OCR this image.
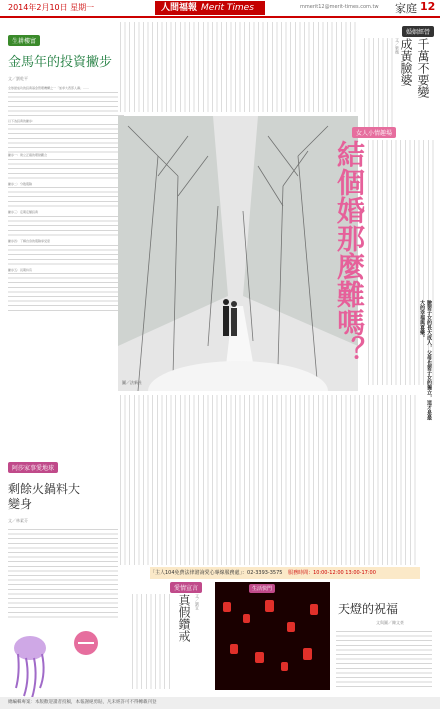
2014年2月10日 星期一	人間福報 Merit Times	mmerit12@merit-times.com.tw 家庭 12
生耕樓富
金馬年的投資撇步
文／劉乾平
全球最成功的投資基金管理機構之一「加拿大西部人壽」……
以下為投資的撇步：
撇步一：建立正確的理財觀念
撇步二：分散風險
撇步三：定期定額投資
撇步四：了解自身的風險承受度
撇步五：長期持有
婚姻經營
千萬不要變成黃臉婆
文／紫薇
圖／法新社
女人小情趣場
結個婚那麼難嗎？	臉要子女的長大成人，父母也要子女的獨立，這才是最大的幸福與喜樂。
阿莎家事愛地球
剩餘火鍋料大變身
文／林素芬
「主人104免費法律諮詢愛心專線服務處」：02-3393-3575 服務時間：10:00-12:00 13:00-17:00
愛情宣言
真假鑽戒	文／劉宣
生活快門
天燈的祝福
文與圖／陳文豪
總編輯專案：本版歡迎讀者投稿，本報謝絕剪貼，凡未經許可不得轉載刊登
